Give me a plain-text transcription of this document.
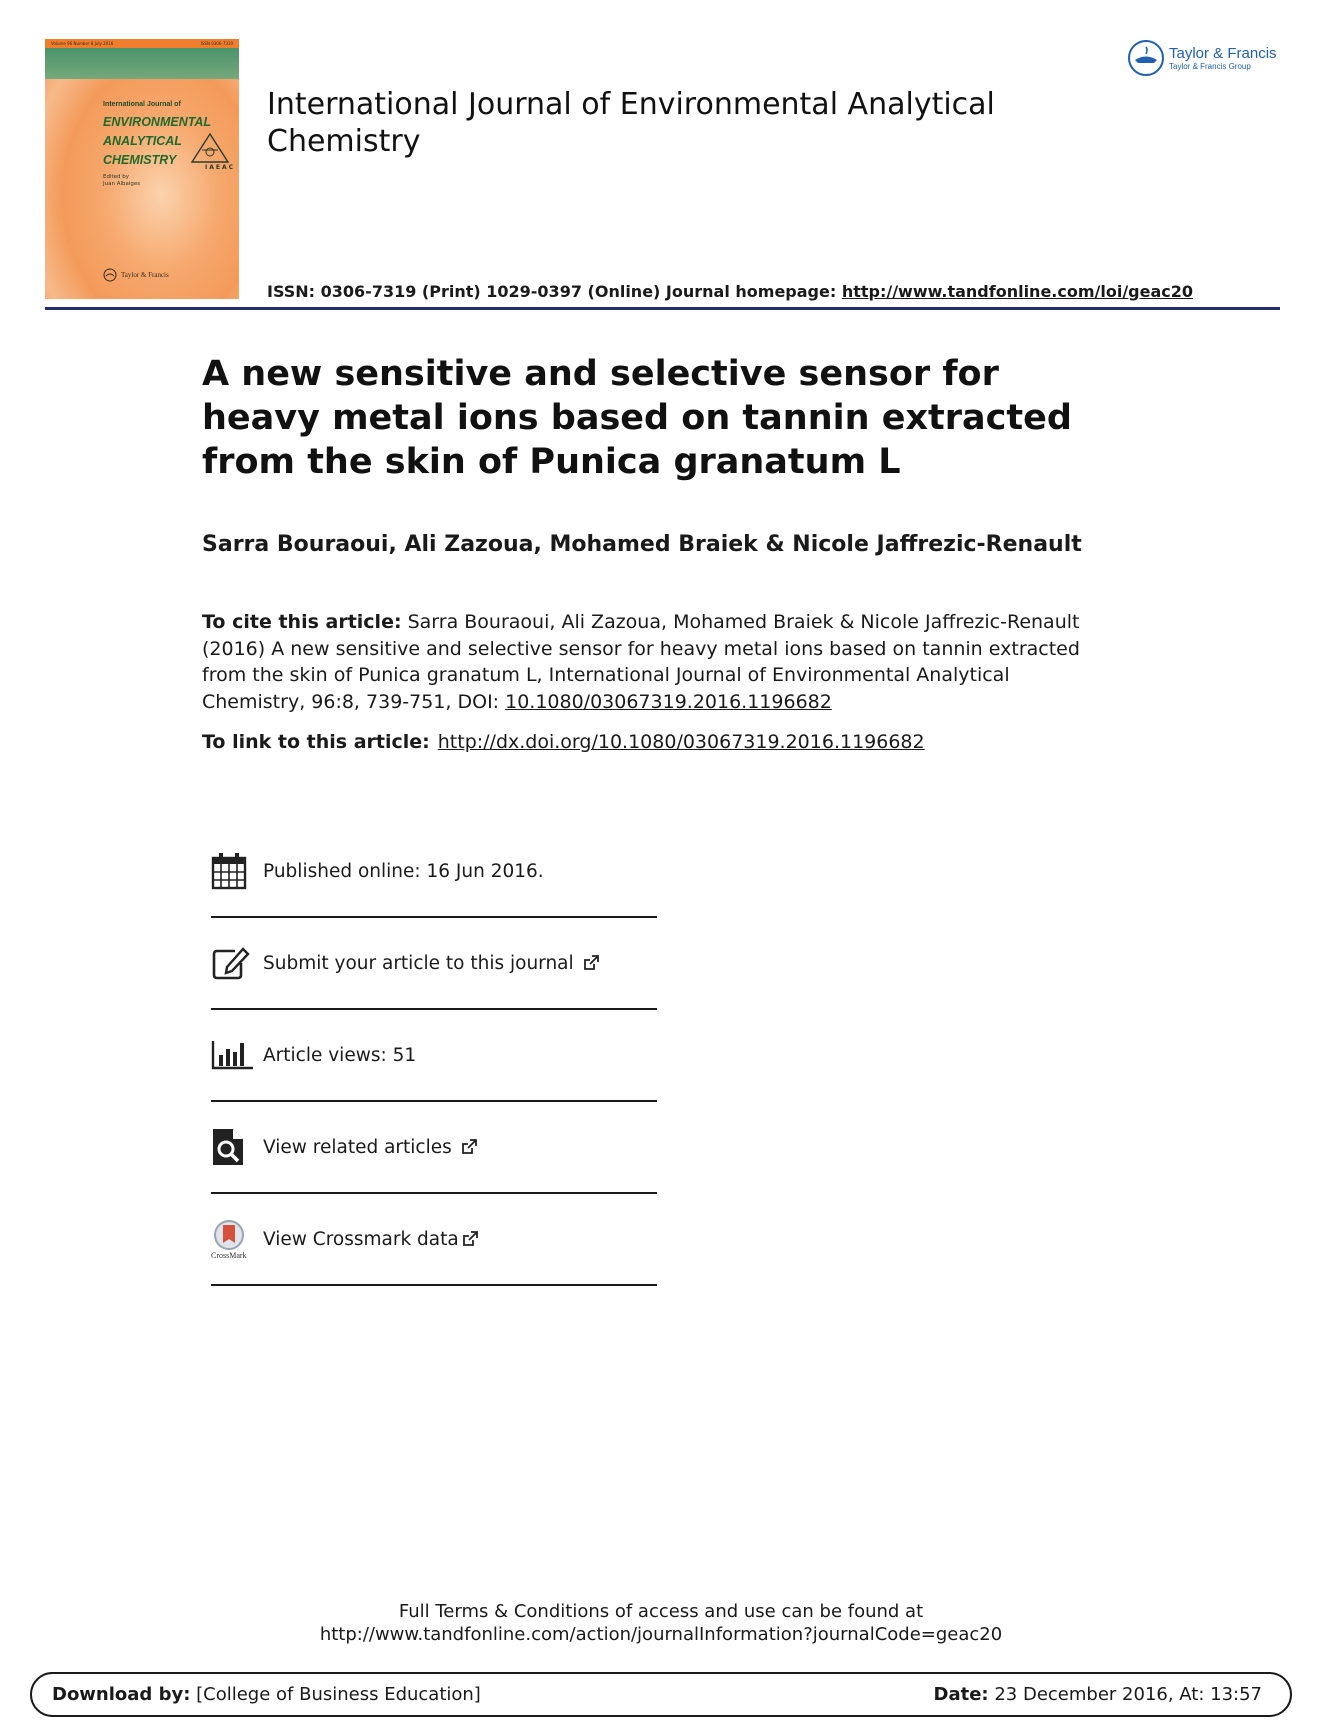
Volume 96 Number 8 July 2016	ISSN 0306-7319
International Journal of
ENVIRONMENTAL
ANALYTICAL
CHEMISTRY
IAEAC
Edited by
Juan Albaiges
Taylor & Francis
International Journal of Environmental Analytical Chemistry
ISSN: 0306-7319 (Print) 1029-0397 (Online) Journal homepage: http://www.tandfonline.com/loi/geac20
Taylor & Francis
Taylor & Francis Group
A new sensitive and selective sensor for heavy metal ions based on tannin extracted from the skin of Punica granatum L
Sarra Bouraoui, Ali Zazoua, Mohamed Braiek & Nicole Jaffrezic-Renault
To cite this article: Sarra Bouraoui, Ali Zazoua, Mohamed Braiek & Nicole Jaffrezic-Renault (2016) A new sensitive and selective sensor for heavy metal ions based on tannin extracted from the skin of Punica granatum L, International Journal of Environmental Analytical Chemistry, 96:8, 739-751, DOI: 10.1080/03067319.2016.1196682
To link to this article: http://dx.doi.org/10.1080/03067319.2016.1196682
Published online: 16 Jun 2016.
Submit your article to this journal
Article views: 51
View related articles
CrossMark
View Crossmark data
Full Terms & Conditions of access and use can be found at
http://www.tandfonline.com/action/journalInformation?journalCode=geac20
Download by: [College of Business Education]	Date: 23 December 2016, At: 13:57
